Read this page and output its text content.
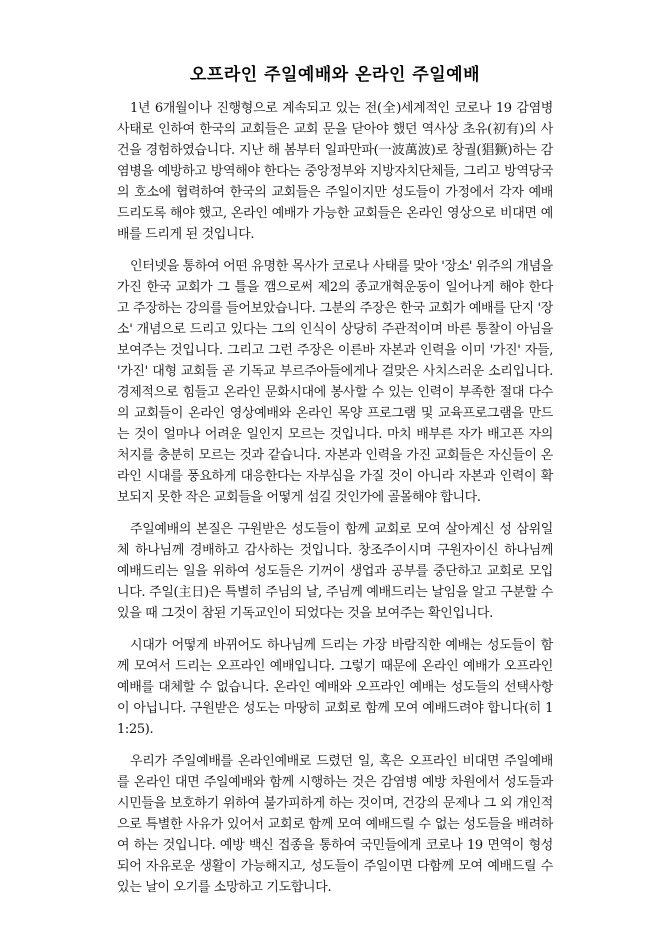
오프라인 주일예배와 온라인 주일예배

1년 6개월이나 진행형으로 계속되고 있는 전(全)세계적인 코로나 19 감염병 사태로 인하여 한국의 교회들은 교회 문을 닫아야 했던 역사상 초유(初有)의 사건을 경험하였습니다. 지난 해 봄부터 일파만파(一波萬波)로 창궐(猖獗)하는 감염병을 예방하고 방역해야 한다는 중앙정부와 지방자치단체들, 그리고 방역당국의 호소에 협력하여 한국의 교회들은 주일이지만 성도들이 가정에서 각자 예배드리도록 해야 했고, 온라인 예배가 가능한 교회들은 온라인 영상으로 비대면 예배를 드리게 된 것입니다.

인터넷을 통하여 어떤 유명한 목사가 코로나 사태를 맞아 '장소' 위주의 개념을 가진 한국 교회가 그 틀을 깸으로써 제2의 종교개혁운동이 일어나게 해야 한다고 주장하는 강의를 들어보았습니다. 그분의 주장은 한국 교회가 예배를 단지 '장소' 개념으로 드리고 있다는 그의 인식이 상당히 주관적이며 바른 통찰이 아님을 보여주는 것입니다. 그리고 그런 주장은 이른바 자본과 인력을 이미 '가진' 자들, '가진' 대형 교회들 곧 기독교 부르주아들에게나 걸맞은 사치스러운 소리입니다. 경제적으로 힘들고 온라인 문화시대에 봉사할 수 있는 인력이 부족한 절대 다수의 교회들이 온라인 영상예배와 온라인 목양 프로그램 및 교육프로그램을 만드는 것이 얼마나 어려운 일인지 모르는 것입니다. 마치 배부른 자가 배고픈 자의 처지를 충분히 모르는 것과 같습니다. 자본과 인력을 가진 교회들은 자신들이 온라인 시대를 풍요하게 대응한다는 자부심을 가질 것이 아니라 자본과 인력이 확보되지 못한 작은 교회들을 어떻게 섬길 것인가에 골몰해야 합니다.

주일예배의 본질은 구원받은 성도들이 함께 교회로 모여 살아계신 성 삼위일체 하나님께 경배하고 감사하는 것입니다. 창조주이시며 구원자이신 하나님께 예배드리는 일을 위하여 성도들은 기꺼이 생업과 공부를 중단하고 교회로 모입니다. 주일(主日)은 특별히 주님의 날, 주님께 예배드리는 날임을 알고 구분할 수 있을 때 그것이 참된 기독교인이 되었다는 것을 보여주는 확인입니다.

시대가 어떻게 바뀌어도 하나님께 드리는 가장 바람직한 예배는 성도들이 함께 모여서 드리는 오프라인 예배입니다. 그렇기 때문에 온라인 예배가 오프라인 예배를 대체할 수 없습니다. 온라인 예배와 오프라인 예배는 성도들의 선택사항이 아닙니다. 구원받은 성도는 마땅히 교회로 함께 모여 예배드려야 합니다(히 11:25).

우리가 주일예배를 온라인예배로 드렸던 일, 혹은 오프라인 비대면 주일예배를 온라인 대면 주일예배와 함께 시행하는 것은 감염병 예방 차원에서 성도들과 시민들을 보호하기 위하여 불가피하게 하는 것이며, 건강의 문제나 그 외 개인적으로 특별한 사유가 있어서 교회로 함께 모여 예배드릴 수 없는 성도들을 배려하여 하는 것입니다. 예방 백신 접종을 통하여 국민들에게 코로나 19 면역이 형성되어 자유로운 생활이 가능해지고, 성도들이 주일이면 다함께 모여 예배드릴 수 있는 날이 오기를 소망하고 기도합니다.
